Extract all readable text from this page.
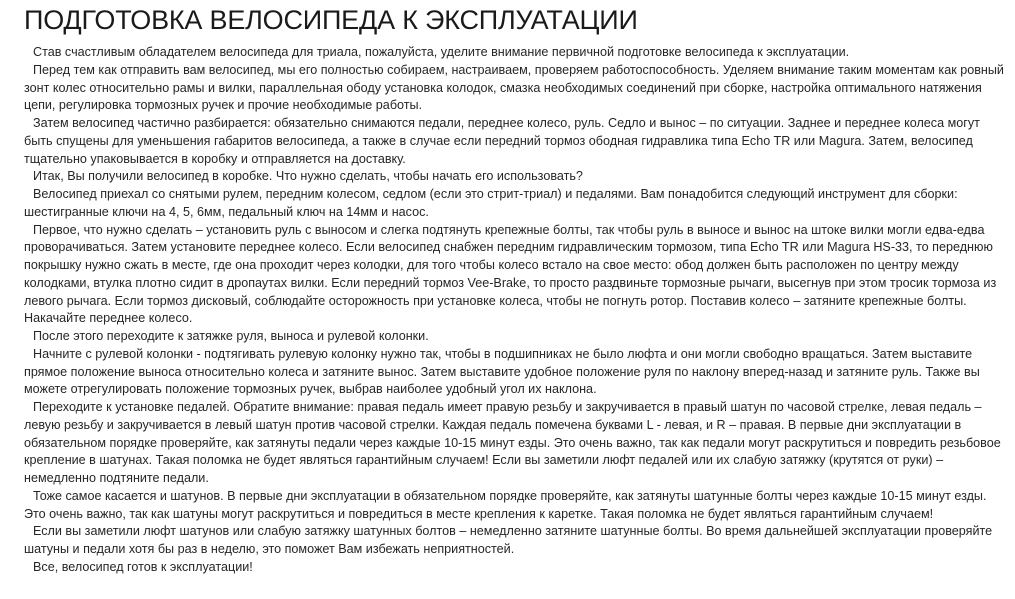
ПОДГОТОВКА ВЕЛОСИПЕДА К ЭКСПЛУАТАЦИИ

Став счастливым обладателем велосипеда для триала, пожалуйста, уделите внимание первичной подготовке велосипеда к эксплуатации.

Перед тем как отправить вам велосипед, мы его полностью собираем, настраиваем, проверяем работоспособность. Уделяем внимание таким моментам как ровный зонт колес относительно рамы и вилки, параллельная ободу установка колодок, смазка необходимых соединений при сборке, настройка оптимального натяжения цепи, регулировка тормозных ручек и прочие необходимые работы.

Затем велосипед частично разбирается: обязательно снимаются педали, переднее колесо, руль. Седло и вынос – по ситуации. Заднее и переднее колеса могут быть спущены для уменьшения габаритов велосипеда, а также в случае если передний тормоз ободная гидравлика типа Echo TR или Magura. Затем, велосипед тщательно упаковывается в коробку и отправляется на доставку.

Итак, Вы получили велосипед в коробке. Что нужно сделать, чтобы начать его использовать?

Велосипед приехал со снятыми рулем, передним колесом, седлом (если это стрит-триал) и педалями. Вам понадобится следующий инструмент для сборки: шестигранные ключи на 4, 5, 6мм, педальный ключ на 14мм и насос.

Первое, что нужно сделать – установить руль с выносом и слегка подтянуть крепежные болты, так чтобы руль в выносе и вынос на штоке вилки могли едва-едва проворачиваться. Затем установите переднее колесо. Если велосипед снабжен передним гидравлическим тормозом, типа Echo TR или Magura HS-33, то переднюю покрышку нужно сжать в месте, где она проходит через колодки, для того чтобы колесо встало на свое место: обод должен быть расположен по центру между колодками, втулка плотно сидит в дропаутах вилки. Если передний тормоз Vee-Brake, то просто раздвиньте тормозные рычаги, высегнув при этом тросик тормоза из левого рычага. Если тормоз дисковый, соблюдайте осторожность при установке колеса, чтобы не погнуть ротор. Поставив колесо – затяните крепежные болты. Накачайте переднее колесо.

После этого переходите к затяжке руля, выноса и рулевой колонки.

Начните с рулевой колонки - подтягивать рулевую колонку нужно так, чтобы в подшипниках не было люфта и они могли свободно вращаться. Затем выставите прямое положение выноса относительно колеса и затяните вынос. Затем выставите удобное положение руля по наклону вперед-назад и затяните руль. Также вы можете отрегулировать положение тормозных ручек, выбрав наиболее удобный угол их наклона.

Переходите к установке педалей. Обратите внимание: правая педаль имеет правую резьбу и закручивается в правый шатун по часовой стрелке, левая педаль – левую резьбу и закручивается в левый шатун против часовой стрелки. Каждая педаль помечена буквами L - левая, и R – правая. В первые дни эксплуатации в обязательном порядке проверяйте, как затянуты педали через каждые 10-15 минут езды. Это очень важно, так как педали могут раскрутиться и повредить резьбовое крепление в шатунах. Такая поломка не будет являться гарантийным случаем! Если вы заметили люфт педалей или их слабую затяжку (крутятся от руки) – немедленно подтяните педали.

Тоже самое касается и шатунов. В первые дни эксплуатации в обязательном порядке проверяйте, как затянуты шатунные болты через каждые 10-15 минут езды. Это очень важно, так как шатуны могут раскрутиться и повредиться в месте крепления к каретке. Такая поломка не будет являться гарантийным случаем!

Если вы заметили люфт шатунов или слабую затяжку шатунных болтов – немедленно затяните шатунные болты. Во время дальнейшей эксплуатации проверяйте шатуны и педали хотя бы раз в неделю, это поможет Вам избежать неприятностей.

Все, велосипед готов к эксплуатации!
